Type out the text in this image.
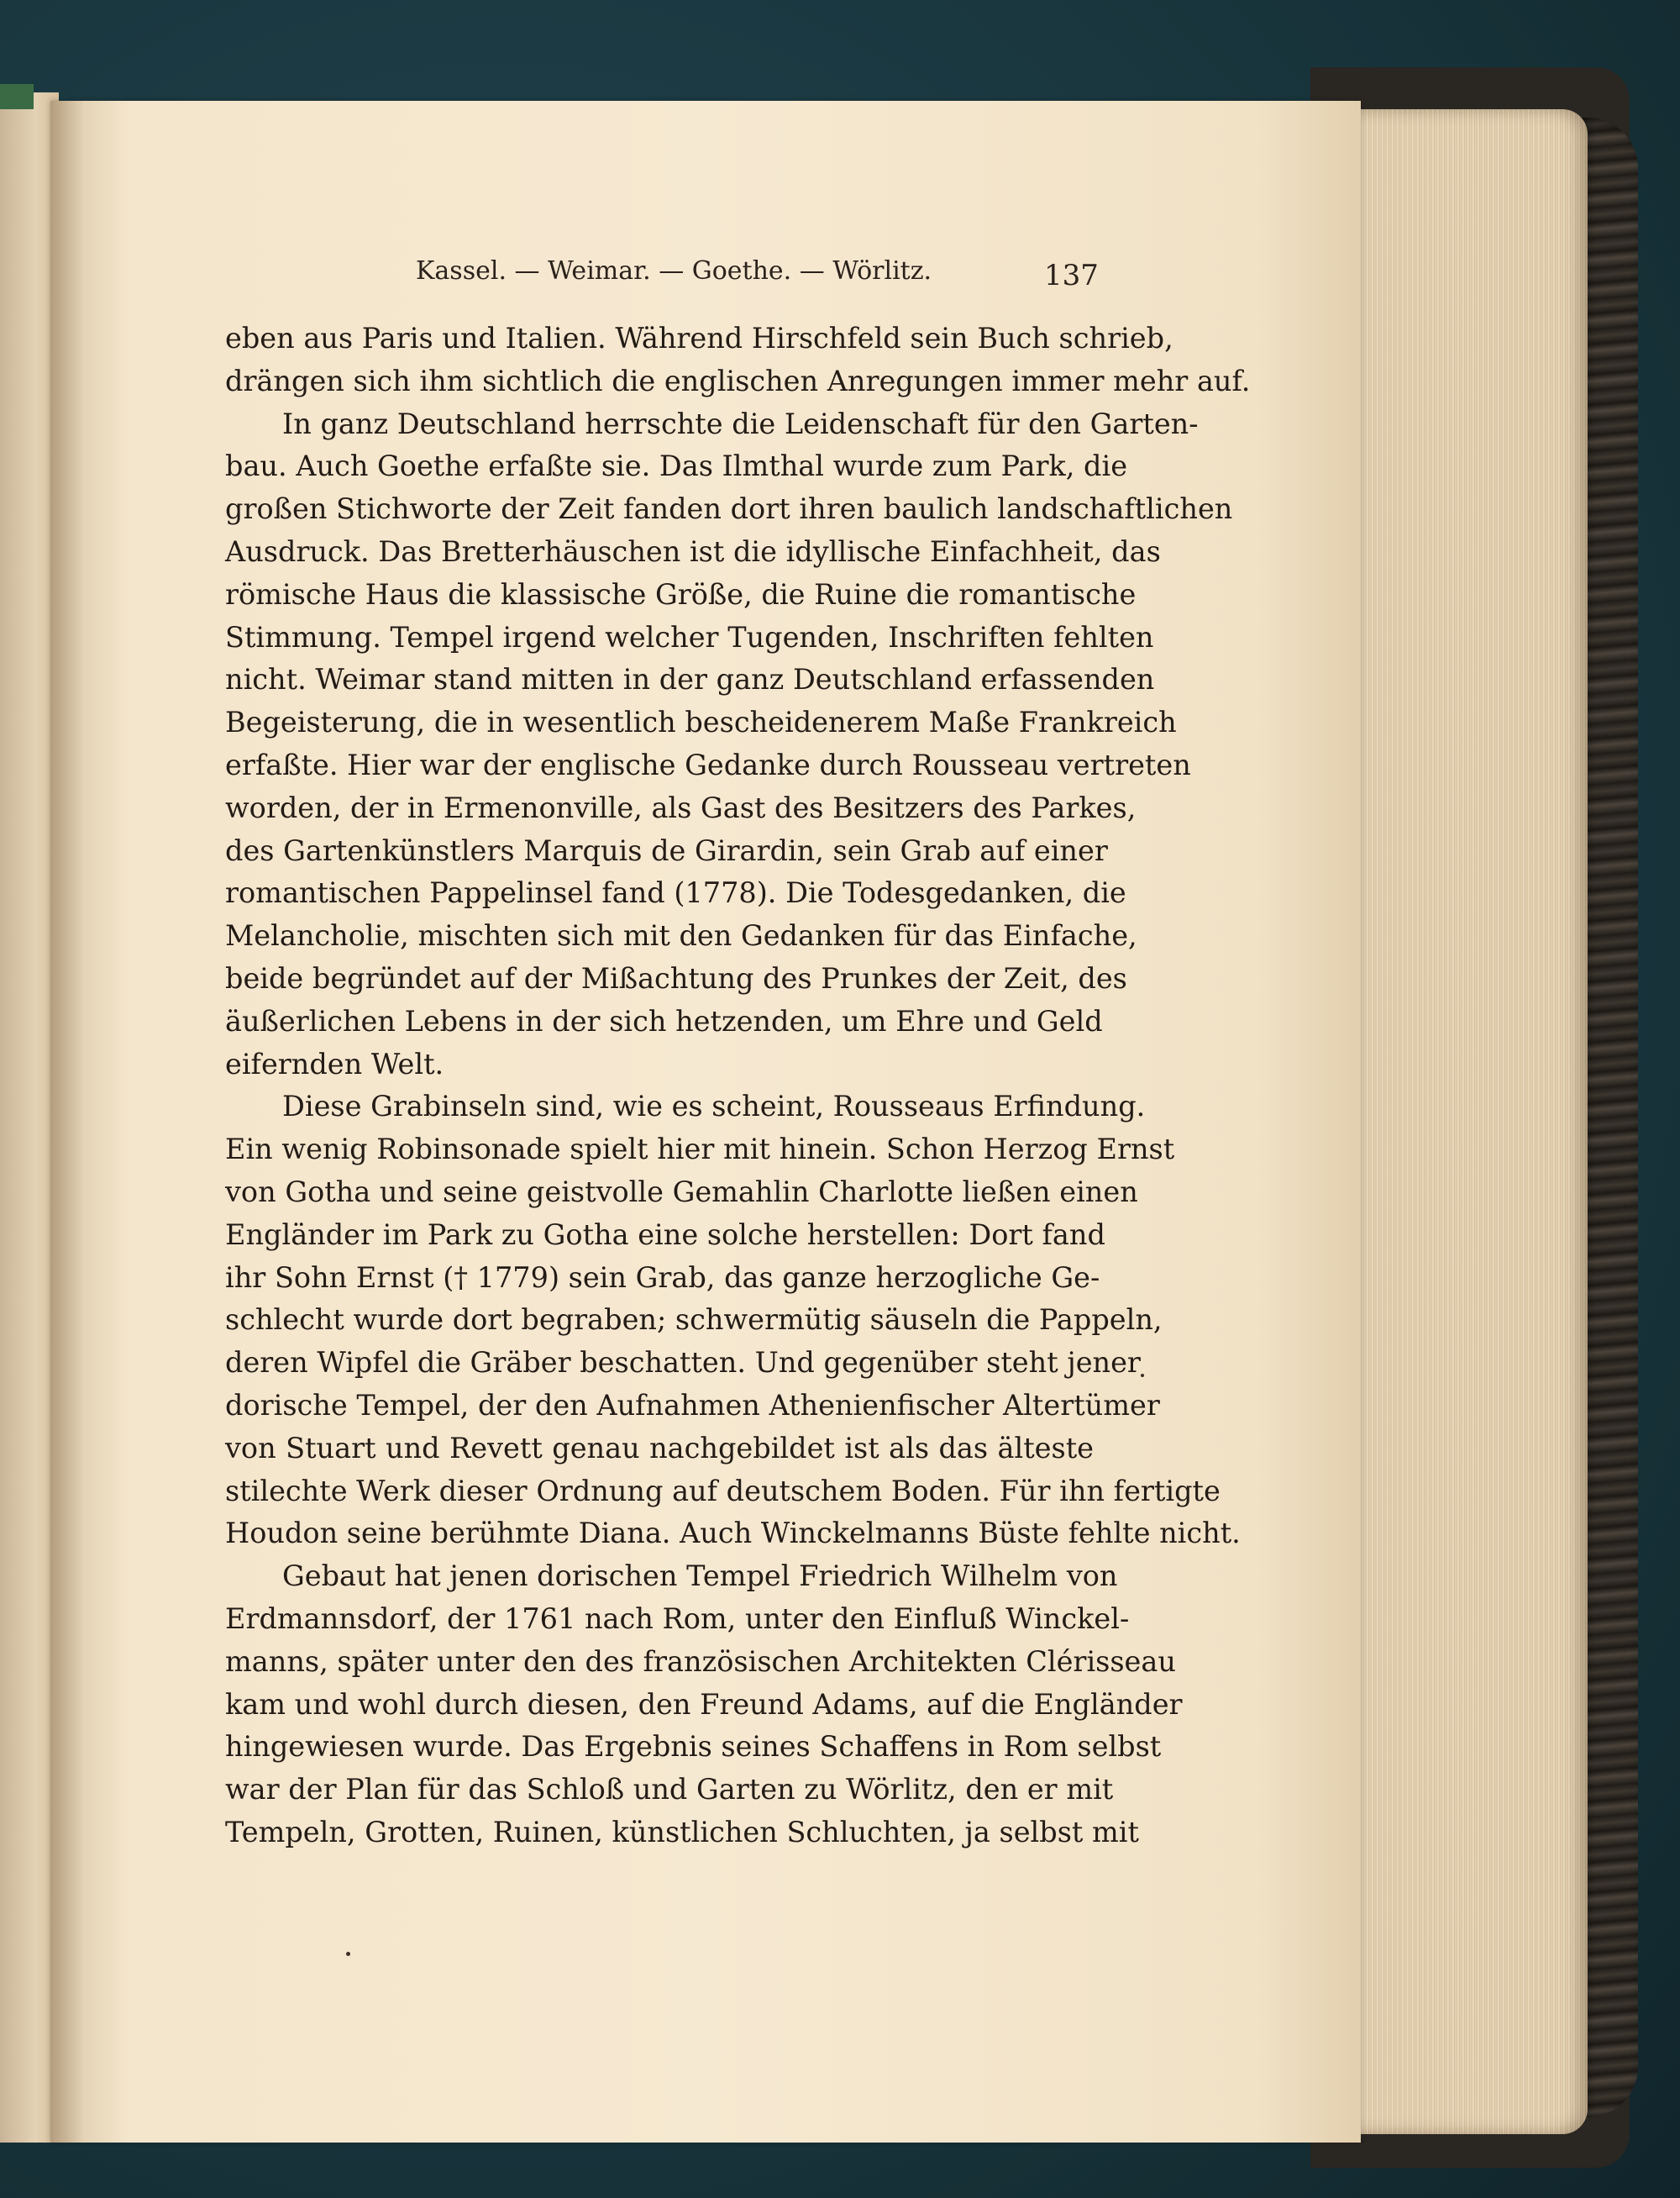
Kassel. — Weimar. — Goethe. — Wörlitz.	137
eben aus Paris und Italien. Während Hirschfeld sein Buch schrieb,
drängen sich ihm sichtlich die englischen Anregungen immer mehr auf.
In ganz Deutschland herrschte die Leidenschaft für den Garten-
bau. Auch Goethe erfaßte sie. Das Ilmthal wurde zum Park, die
großen Stichworte der Zeit fanden dort ihren baulich landschaftlichen
Ausdruck. Das Bretterhäuschen ist die idyllische Einfachheit, das
römische Haus die klassische Größe, die Ruine die romantische
Stimmung. Tempel irgend welcher Tugenden, Inschriften fehlten
nicht. Weimar stand mitten in der ganz Deutschland erfassenden
Begeisterung, die in wesentlich bescheidenerem Maße Frankreich
erfaßte. Hier war der englische Gedanke durch Rousseau vertreten
worden, der in Ermenonville, als Gast des Besitzers des Parkes,
des Gartenkünstlers Marquis de Girardin, sein Grab auf einer
romantischen Pappelinsel fand (1778). Die Todesgedanken, die
Melancholie, mischten sich mit den Gedanken für das Einfache,
beide begründet auf der Mißachtung des Prunkes der Zeit, des
äußerlichen Lebens in der sich hetzenden, um Ehre und Geld
eifernden Welt.
Diese Grabinseln sind, wie es scheint, Rousseaus Erfindung.
Ein wenig Robinsonade spielt hier mit hinein. Schon Herzog Ernst
von Gotha und seine geistvolle Gemahlin Charlotte ließen einen
Engländer im Park zu Gotha eine solche herstellen: Dort fand
ihr Sohn Ernst († 1779) sein Grab, das ganze herzogliche Ge-
schlecht wurde dort begraben; schwermütig säuseln die Pappeln,
deren Wipfel die Gräber beschatten. Und gegenüber steht jener
dorische Tempel, der den Aufnahmen Athenienfischer Altertümer
von Stuart und Revett genau nachgebildet ist als das älteste
stilechte Werk dieser Ordnung auf deutschem Boden. Für ihn fertigte
Houdon seine berühmte Diana. Auch Winckelmanns Büste fehlte nicht.
Gebaut hat jenen dorischen Tempel Friedrich Wilhelm von
Erdmannsdorf, der 1761 nach Rom, unter den Einfluß Winckel-
manns, später unter den des französischen Architekten Clérisseau
kam und wohl durch diesen, den Freund Adams, auf die Engländer
hingewiesen wurde. Das Ergebnis seines Schaffens in Rom selbst
war der Plan für das Schloß und Garten zu Wörlitz, den er mit
Tempeln, Grotten, Ruinen, künstlichen Schluchten, ja selbst mit
